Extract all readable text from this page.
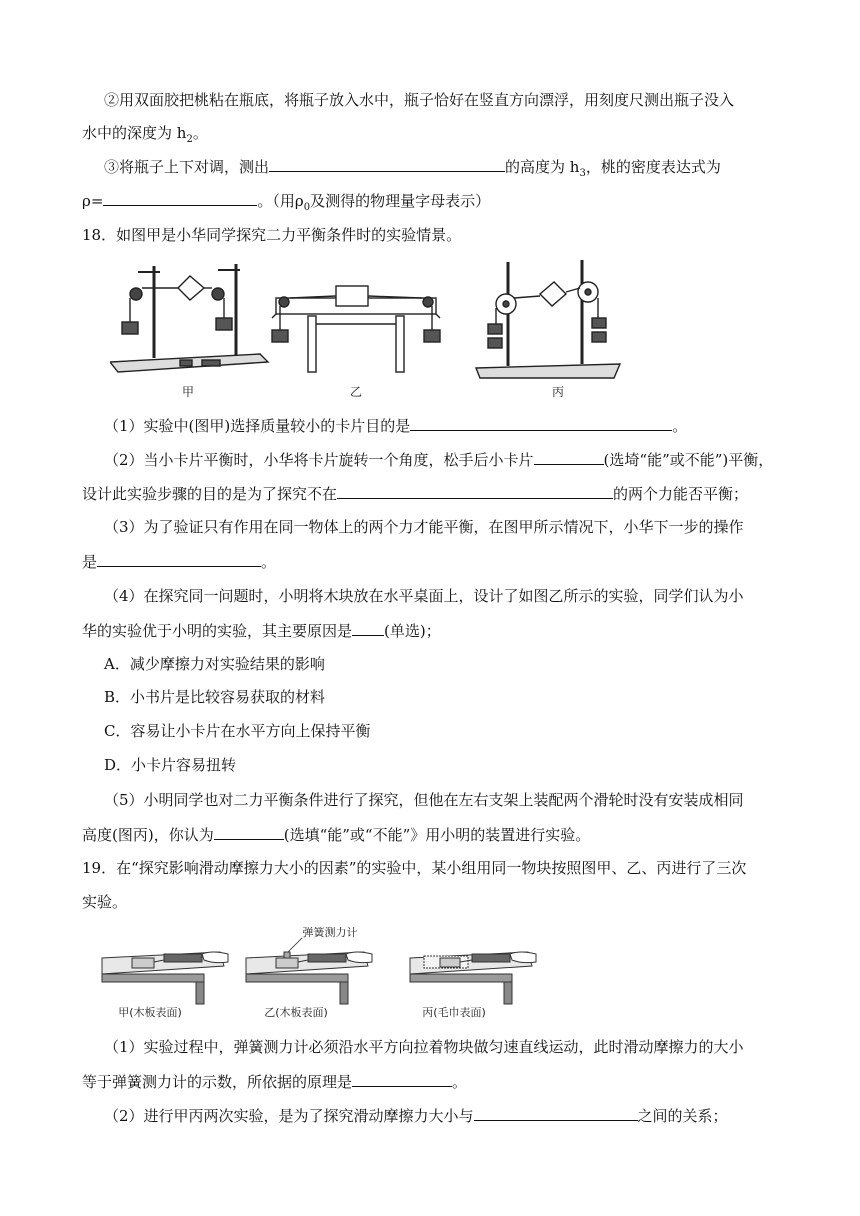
②用双面胶把桃粘在瓶底，将瓶子放入水中，瓶子恰好在竖直方向漂浮，用刻度尺测出瓶子没入
水中的深度为 $h_2$。
③将瓶子上下对调，测出	的高度为 $h_3$，桃的密度表达式为
ρ=	。（用$\rho_0$及测得的物理量字母表示）
18．如图甲是小华同学探究二力平衡条件时的实验情景。
甲	乙	丙
（1）实验中(图甲)选择质量较小的卡片目的是	。
（2）当小卡片平衡时，小华将卡片旋转一个角度，松手后小卡片	(选埼“能”或不能”)平衡，
设计此实验步骤的目的是为了探究不在	的两个力能否平衡；
（3）为了验证只有作用在同一物体上的两个力才能平衡，在图甲所示情况下，小华下一步的操作
是	。
（4）在探究同一问题时，小明将木块放在水平桌面上，设计了如图乙所示的实验，同学们认为小
华的实验优于小明的实验，其主要原因是 (单选)；
A．减少摩擦力对实验结果的影响
B．小书片是比较容易获取的材料
C．容易让小卡片在水平方向上保持平衡
D．小卡片容易扭转
（5）小明同学也对二力平衡条件进行了探究，但他在左右支架上装配两个滑轮时没有安装成相同
高度(图丙)，你认为	(选填“能”或“不能”》用小明的装置进行实验。
19．在“探究影响滑动摩擦力大小的因素”的实验中，某小组用同一物块按照图甲、乙、丙进行了三次
实验。
弹簧测力计
甲(木板表面)	乙(木板表面)	丙(毛巾表面)
（1）实验过程中，弹簧测力计必须沿水平方向拉着物块做匀速直线运动，此时滑动摩擦力的大小
等于弹簧测力计的示数，所依据的原理是	。
（2）进行甲丙两次实验，是为了探究滑动摩擦力大小与	之间的关系；
